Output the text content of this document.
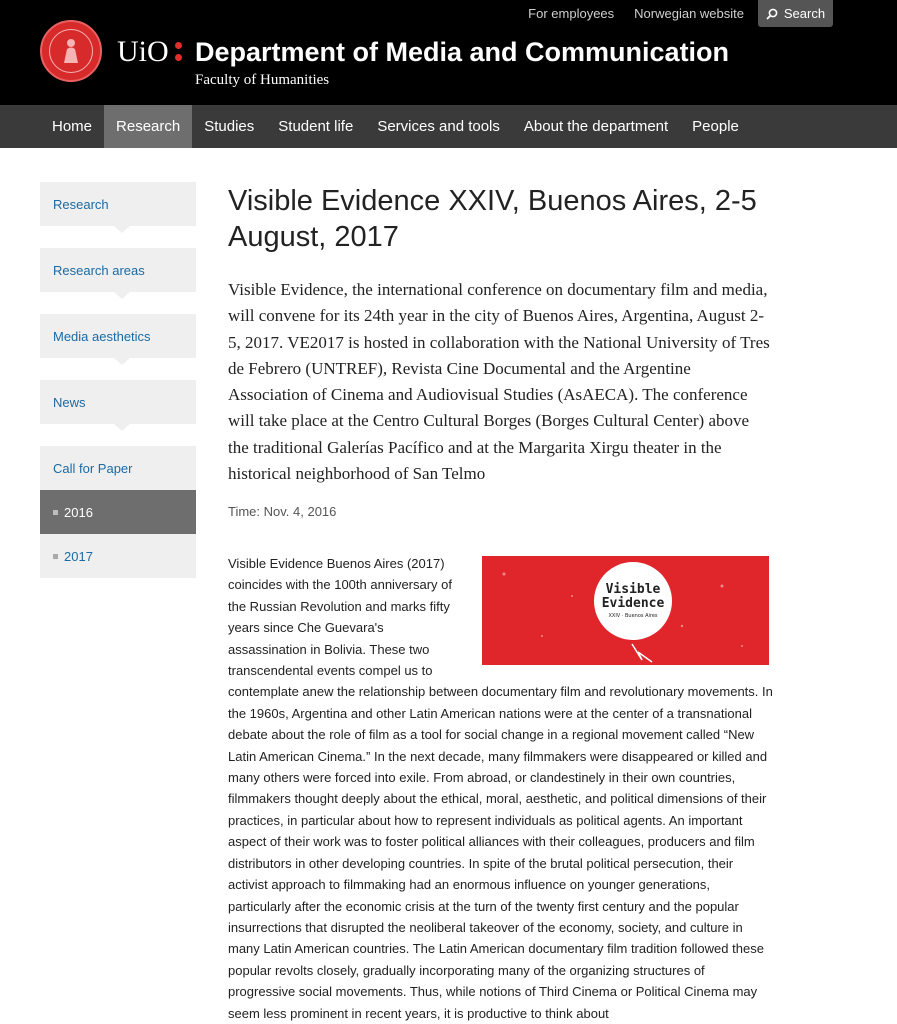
For employees Norwegian website	Search
UiO Department of Media and Communication
Faculty of Humanities
Home	Research	Studies	Student life	Services and tools	About the department	People
Research
Research areas
Media aesthetics
News
Call for Paper
2016
2017
Visible Evidence XXIV, Buenos Aires, 2-5 August, 2017
Visible Evidence, the international conference on documentary film and media, will convene for its 24th year in the city of Buenos Aires, Argentina, August 2-5, 2017. VE2017 is hosted in collaboration with the National University of Tres de Febrero (UNTREF), Revista Cine Documental and the Argentine Association of Cinema and Audiovisual Studies (AsAECA). The conference will take place at the Centro Cultural Borges (Borges Cultural Center) above the traditional Galerías Pacífico and at the Margarita Xirgu theater in the historical neighborhood of San Telmo
Time: Nov. 4, 2016
Visible
Evidence
XXIV · Buenos Aires
Visible Evidence Buenos Aires (2017) coincides with the 100th anniversary of the Russian Revolution and marks fifty years since Che Guevara's assassination in Bolivia. These two transcendental events compel us to contemplate anew the relationship between documentary film and revolutionary movements. In the 1960s, Argentina and other Latin American nations were at the center of a transnational debate about the role of film as a tool for social change in a regional movement called “New Latin American Cinema.” In the next decade, many filmmakers were disappeared or killed and many others were forced into exile. From abroad, or clandestinely in their own countries, filmmakers thought deeply about the ethical, moral, aesthetic, and political dimensions of their practices, in particular about how to represent individuals as political agents. An important aspect of their work was to foster political alliances with their colleagues, producers and film distributors in other developing countries. In spite of the brutal political persecution, their activist approach to filmmaking had an enormous influence on younger generations, particularly after the economic crisis at the turn of the twenty first century and the popular insurrections that disrupted the neoliberal takeover of the economy, society, and culture in many Latin American countries. The Latin American documentary film tradition followed these popular revolts closely, gradually incorporating many of the organizing structures of progressive social movements. Thus, while notions of Third Cinema or Political Cinema may seem less prominent in recent years, it is productive to think about
